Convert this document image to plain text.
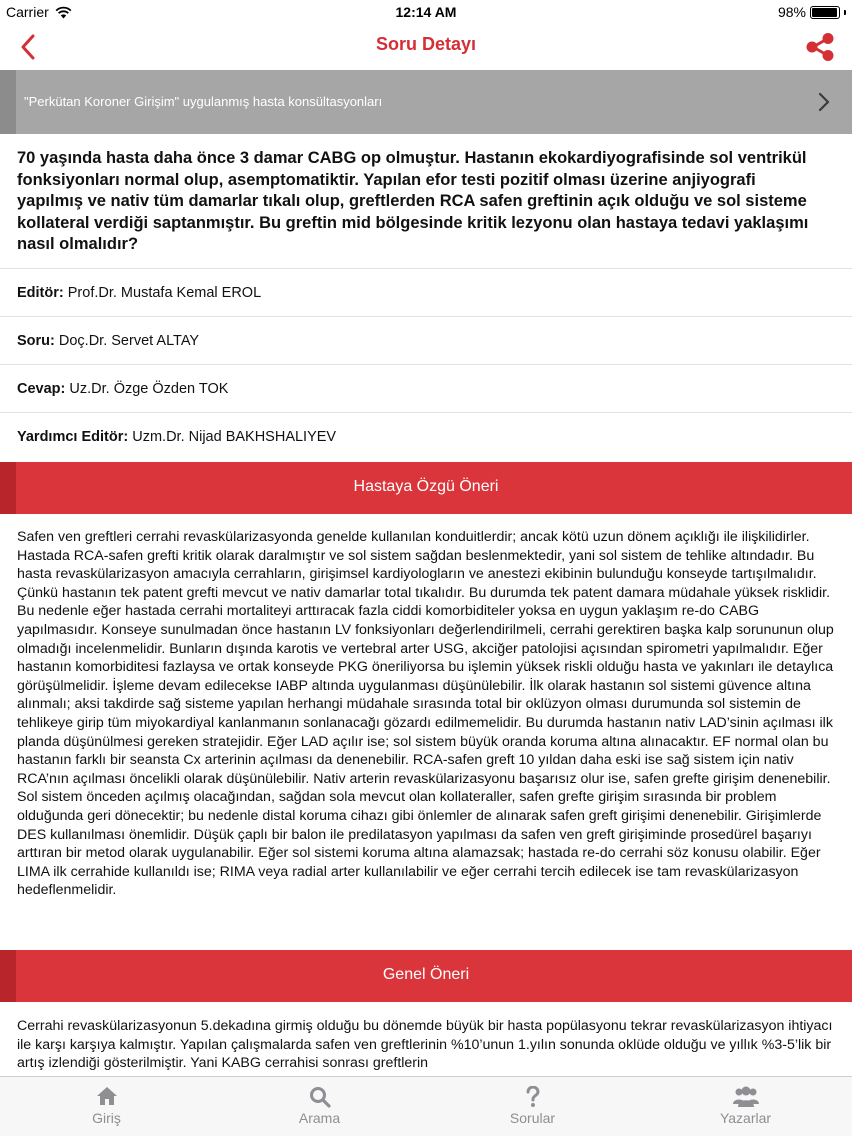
Carrier	12:14 AM	98%
Soru Detayı
"Perkütan Koroner Girişim" uygulanmış hasta konsültasyonları
70 yaşında hasta daha önce 3 damar CABG op olmuştur. Hastanın ekokardiyografisinde sol ventrikül fonksiyonları normal olup, asemptomatiktir. Yapılan efor testi pozitif olması üzerine anjiyografi yapılmış ve nativ tüm damarlar tıkalı olup, greftlerden RCA safen greftinin açık olduğu ve sol sisteme kollateral verdiği saptanmıştır. Bu greftin mid bölgesinde kritik lezyonu olan hastaya tedavi yaklaşımı nasıl olmalıdır?
Editör: Prof.Dr. Mustafa Kemal EROL
Soru: Doç.Dr. Servet ALTAY
Cevap: Uz.Dr. Özge Özden TOK
Yardımcı Editör: Uzm.Dr. Nijad BAKHSHALIYEV
Hastaya Özgü Öneri
Safen ven greftleri cerrahi revaskülarizasyonda genelde kullanılan konduitlerdir; ancak kötü uzun dönem açıklığı ile ilişkilidirler. Hastada RCA-safen grefti kritik olarak daralmıştır ve sol sistem sağdan beslenmektedir, yani sol sistem de tehlike altındadır. Bu hasta revaskülarizasyon amacıyla cerrahların, girişimsel kardiyologların ve anestezi ekibinin bulunduğu konseyde tartışılmalıdır. Çünkü hastanın tek patent grefti mevcut ve nativ damarlar total tıkalıdır. Bu durumda tek patent damara müdahale yüksek risklidir. Bu nedenle eğer hastada cerrahi mortaliteyi arttıracak fazla ciddi komorbiditeler yoksa en uygun yaklaşım re-do CABG yapılmasıdır. Konseye sunulmadan önce hastanın LV fonksiyonları değerlendirilmeli, cerrahi gerektiren başka kalp sorununun olup olmadığı incelenmelidir. Bunların dışında karotis ve vertebral arter USG, akciğer patolojisi açısından spirometri yapılmalıdır. Eğer hastanın komorbiditesi fazlaysa ve ortak konseyde PKG öneriliyorsa bu işlemin yüksek riskli olduğu hasta ve yakınları ile detaylıca görüşülmelidir. İşleme devam edilecekse IABP altında uygulanması düşünülebilir. İlk olarak hastanın sol sistemi güvence altına alınmalı; aksi takdirde sağ sisteme yapılan herhangi müdahale sırasında total bir oklüzyon olması durumunda sol sistemin de tehlikeye girip tüm miyokardiyal kanlanmanın sonlanacağı gözardı edilmemelidir. Bu durumda hastanın nativ LAD’sinin açılması ilk planda düşünülmesi gereken stratejidir. Eğer LAD açılır ise; sol sistem büyük oranda koruma altına alınacaktır. EF normal olan bu hastanın farklı bir seansta Cx arterinin açılması da denenebilir. RCA-safen greft 10 yıldan daha eski ise sağ sistem için nativ RCA’nın açılması öncelikli olarak düşünülebilir. Nativ arterin revaskülarizasyonu başarısız olur ise, safen grefte girişim denenebilir. Sol sistem önceden açılmış olacağından, sağdan sola mevcut olan kollateraller, safen grefte girişim sırasında bir problem olduğunda geri dönecektir; bu nedenle distal koruma cihazı gibi önlemler de alınarak safen greft girişimi denenebilir. Girişimlerde DES kullanılması önemlidir. Düşük çaplı bir balon ile predilatasyon yapılması da safen ven greft girişiminde prosedürel başarıyı arttıran bir metod olarak uygulanabilir. Eğer sol sistemi koruma altına alamazsak; hastada re-do cerrahi söz konusu olabilir. Eğer LIMA ilk cerrahide kullanıldı ise; RIMA veya radial arter kullanılabilir ve eğer cerrahi tercih edilecek ise tam revaskülarizasyon hedeflenmelidir.
Genel Öneri
Cerrahi revaskülarizasyonun 5.dekadına girmiş olduğu bu dönemde büyük bir hasta popülasyonu tekrar revaskülarizasyon ihtiyacı ile karşı karşıya kalmıştır. Yapılan çalışmalarda safen ven greftlerinin %10’unun 1.yılın sonunda oklüde olduğu ve yıllık %3-5’lik bir artış izlendiği gösterilmiştir. Yani KABG cerrahisi sonrası greftlerin
Giriş	Arama	Sorular	Yazarlar
